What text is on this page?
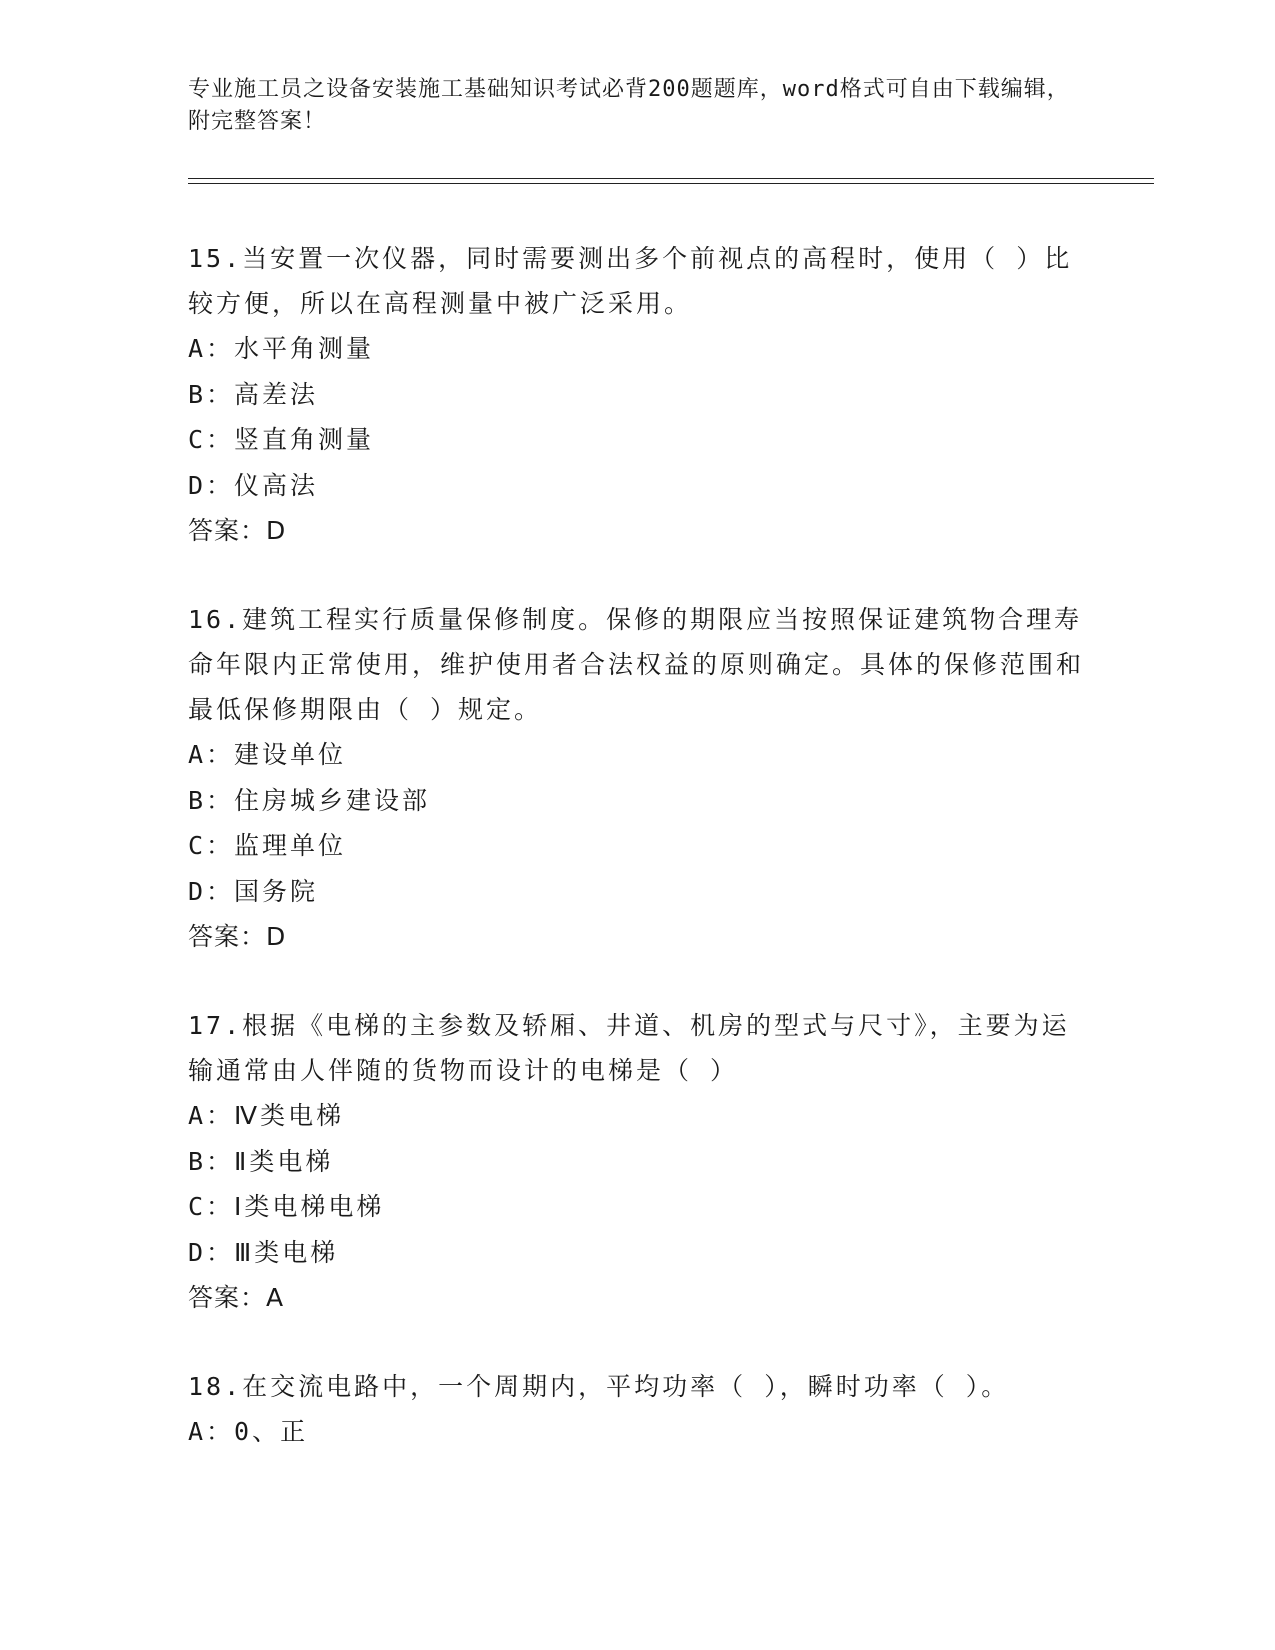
专业施工员之设备安装施工基础知识考试必背200题题库，word格式可自由下载编辑，附完整答案！
15.当安置一次仪器，同时需要测出多个前视点的高程时，使用（ ）比较方便，所以在高程测量中被广泛采用。
A：水平角测量
B：高差法
C：竖直角测量
D：仪高法
答案：D
16.建筑工程实行质量保修制度。保修的期限应当按照保证建筑物合理寿命年限内正常使用，维护使用者合法权益的原则确定。具体的保修范围和最低保修期限由（ ）规定。
A：建设单位
B：住房城乡建设部
C：监理单位
D：国务院
答案：D
17.根据《电梯的主参数及轿厢、井道、机房的型式与尺寸》，主要为运输通常由人伴随的货物而设计的电梯是（ ）
A：Ⅳ类电梯
B：Ⅱ类电梯
C：Ⅰ类电梯电梯
D：Ⅲ类电梯
答案：A
18.在交流电路中，一个周期内，平均功率（ ），瞬时功率（ ）。
A：0、正
